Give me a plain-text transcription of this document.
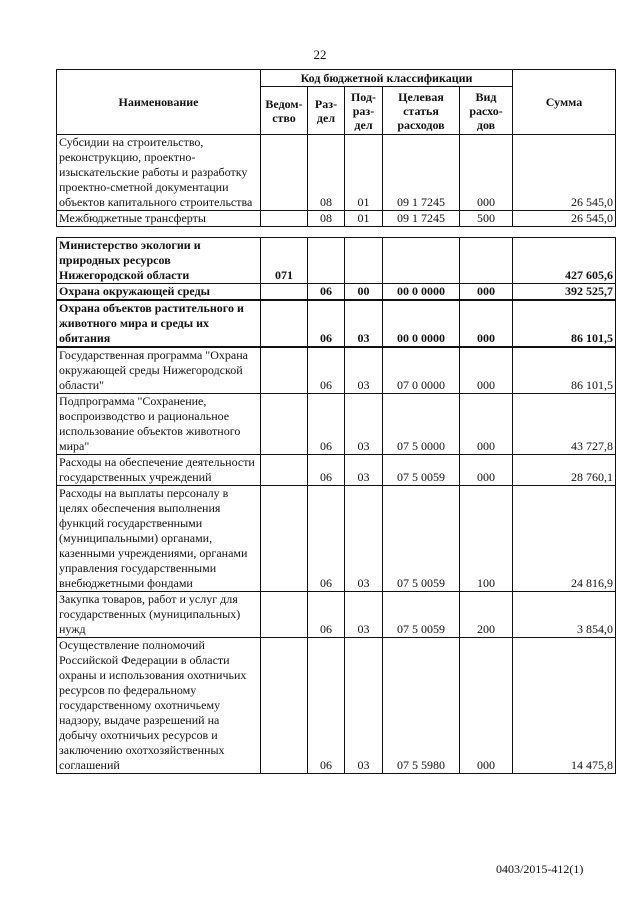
22
Наименование	Код бюджетной классификации					Сумма
	Ведом-ство	Раз-дел	Под-раз-дел	Целевая статья расходов	Вид расхо-дов	
Субсидии на строительство, реконструкцию, проектно-изыскательские работы и разработку проектно-сметной документации объектов капитального строительства		08	01	09 1 7245	000	26 545,0
Межбюджетные трансферты		08	01	09 1 7245	500	26 545,0

Министерство экологии и природных ресурсов Нижегородской области	071					427 605,6
Охрана окружающей среды		06	00	00 0 0000	000	392 525,7
Охрана объектов растительного и животного мира и среды их обитания		06	03	00 0 0000	000	86 101,5
Государственная программа "Охрана окружающей среды Нижегородской области"		06	03	07 0 0000	000	86 101,5
Подпрограмма "Сохранение, воспроизводство и рациональное использование объектов животного мира"		06	03	07 5 0000	000	43 727,8
Расходы на обеспечение деятельности государственных учреждений		06	03	07 5 0059	000	28 760,1
Расходы на выплаты персоналу в целях обеспечения выполнения функций государственными (муниципальными) органами, казенными учреждениями, органами управления государственными внебюджетными фондами		06	03	07 5 0059	100	24 816,9
Закупка товаров, работ и услуг для государственных (муниципальных) нужд		06	03	07 5 0059	200	3 854,0
Осуществление полномочий Российской Федерации в области охраны и использования охотничьих ресурсов по федеральному государственному охотничьему надзору, выдаче разрешений на добычу охотничьих ресурсов и заключению охотхозяйственных соглашений		06	03	07 5 5980	000	14 475,8
0403/2015-412(1)
